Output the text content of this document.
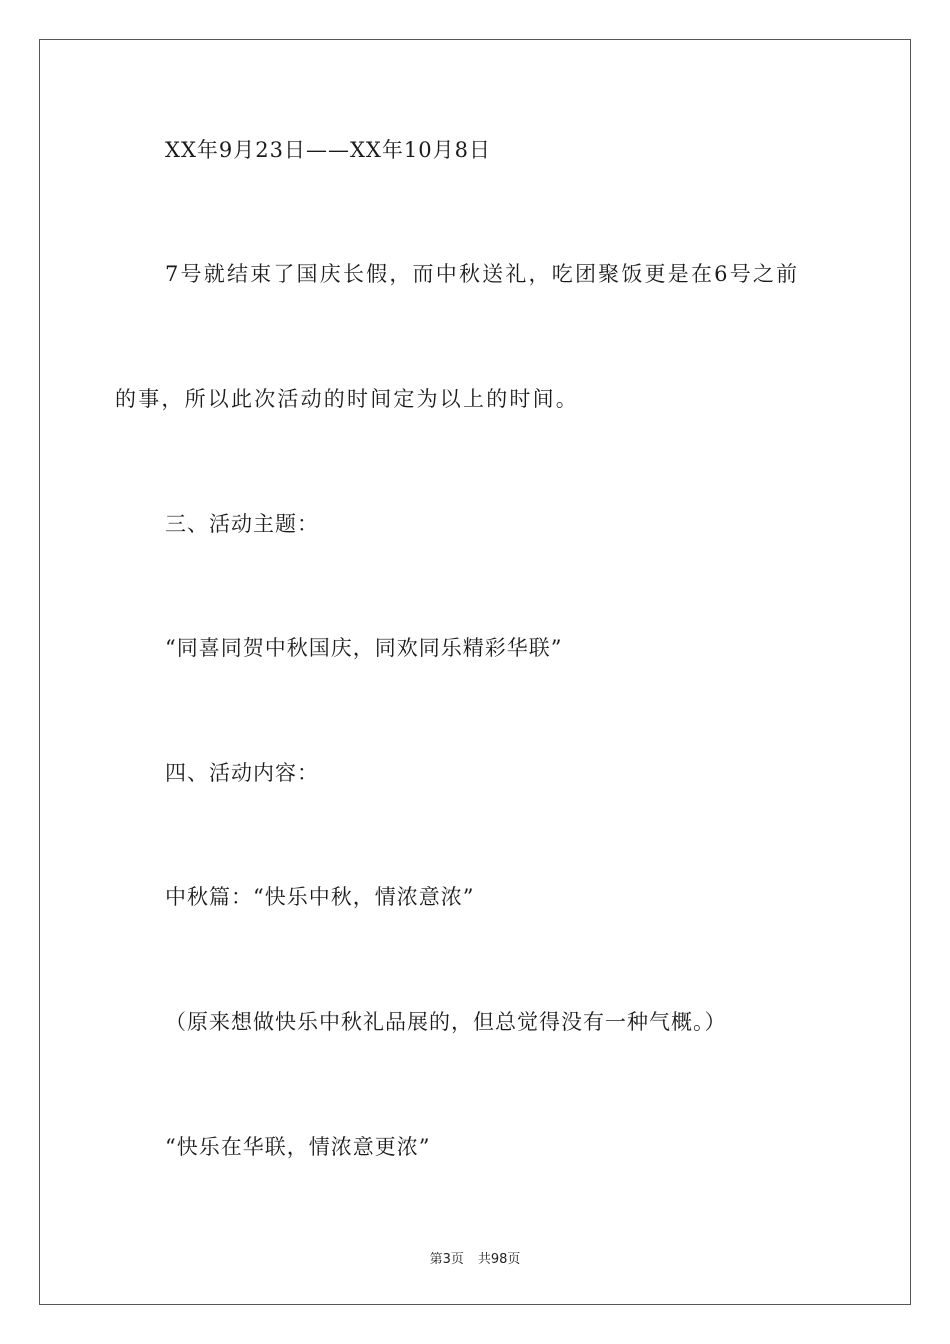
XX年9月23日——XX年10月8日
7号就结束了国庆长假，而中秋送礼，吃团聚饭更是在6号之前
的事，所以此次活动的时间定为以上的时间。
三、活动主题：
“同喜同贺中秋国庆，同欢同乐精彩华联”
四、活动内容：
中秋篇：“快乐中秋，情浓意浓”
（原来想做快乐中秋礼品展的，但总觉得没有一种气概。）
“快乐在华联，情浓意更浓”
第3页 共98页
